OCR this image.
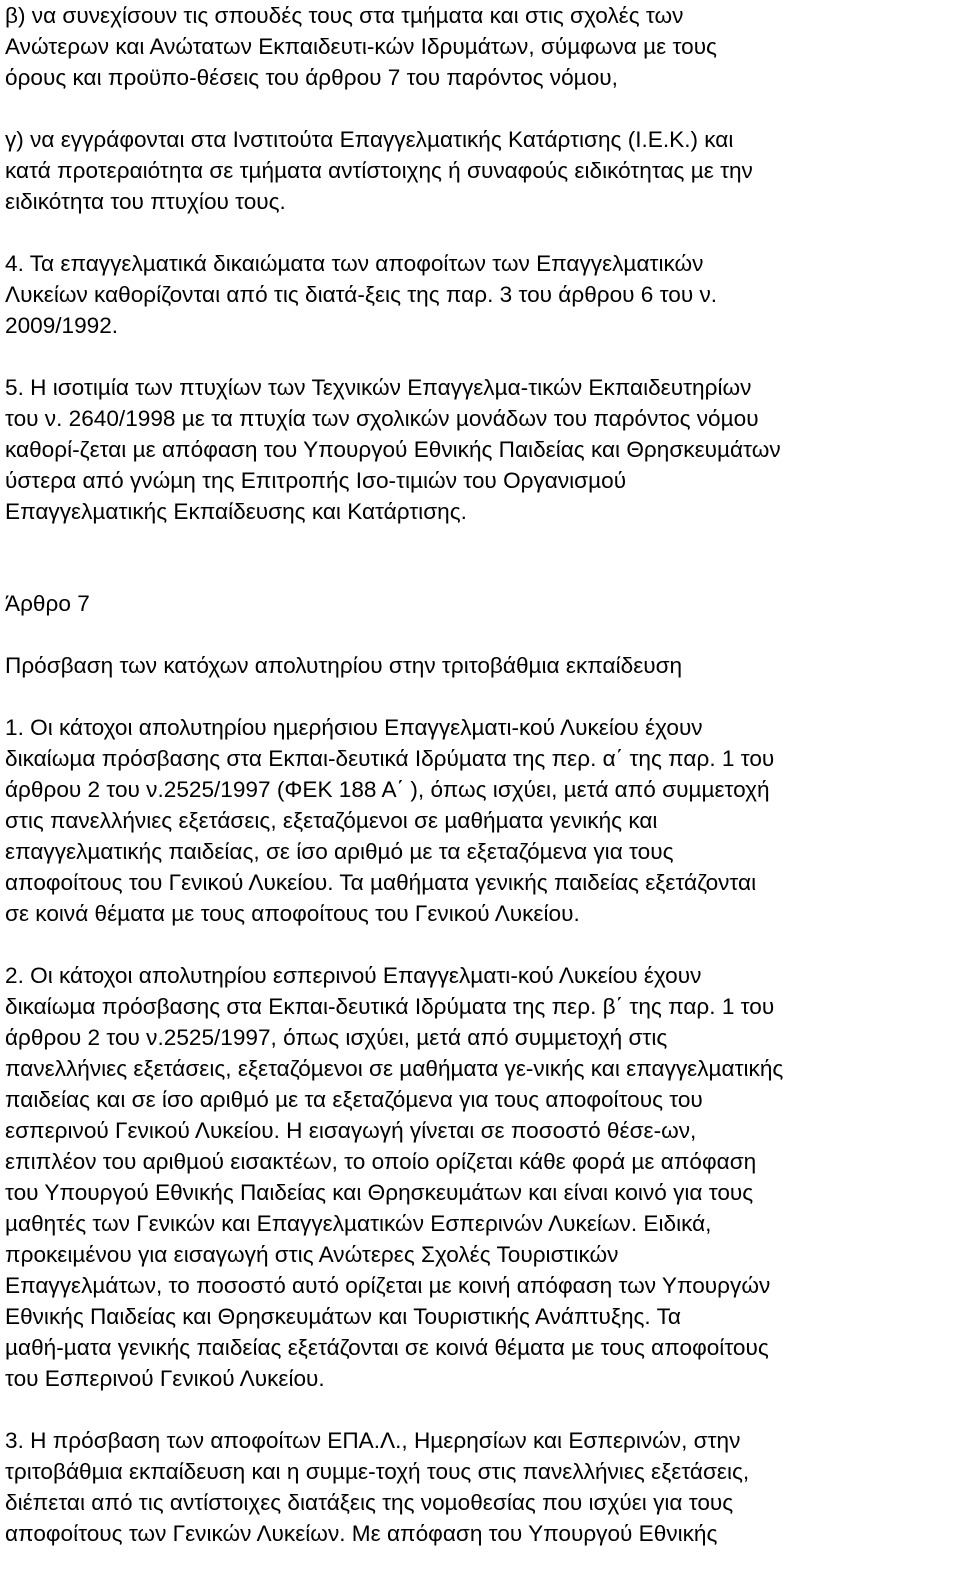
β) να συνεχίσουν τις σπουδές τους στα τµήµατα και στις σχολές των
Ανώτερων και Ανώτατων Εκπαιδευτι-κών Ιδρυµάτων, σύµφωνα µε τους
όρους και προϋπο-θέσεις του άρθρου 7 του παρόντος νόµου,
γ) να εγγράφονται στα Ινστιτούτα Επαγγελµατικής Κατάρτισης (Ι.Ε.Κ.) και
κατά προτεραιότητα σε τµήµατα αντίστοιχης ή συναφούς ειδικότητας µε την
ειδικότητα του πτυχίου τους.
4. Τα επαγγελµατικά δικαιώµατα των αποφοίτων των Επαγγελµατικών
Λυκείων καθορίζονται από τις διατά-ξεις της παρ. 3 του άρθρου 6 του ν.
2009/1992.
5. Η ισοτιµία των πτυχίων των Τεχνικών Επαγγελµα-τικών Εκπαιδευτηρίων
του ν. 2640/1998 µε τα πτυχία των σχολικών µονάδων του παρόντος νόµου
καθορί-ζεται µε απόφαση του Υπουργού Εθνικής Παιδείας και Θρησκευµάτων
ύστερα από γνώµη της Επιτροπής Ισο-τιµιών του Οργανισµού
Επαγγελµατικής Εκπαίδευσης και Κατάρτισης.
Άρθρο 7
Πρόσβαση των κατόχων απολυτηρίου στην τριτοβάθµια εκπαίδευση
1. Οι κάτοχοι απολυτηρίου ηµερήσιου Επαγγελµατι-κού Λυκείου έχουν
δικαίωµα πρόσβασης στα Εκπαι-δευτικά Ιδρύµατα της περ. α΄ της παρ. 1 του
άρθρου 2 του ν.2525/1997 (ΦΕΚ 188 Α΄ ), όπως ισχύει, µετά από συµµετοχή
στις πανελλήνιες εξετάσεις, εξεταζόµενοι σε µαθήµατα γενικής και
επαγγελµατικής παιδείας, σε ίσο αριθµό µε τα εξεταζόµενα για τους
αποφοίτους του Γενικού Λυκείου. Τα µαθήµατα γενικής παιδείας εξετάζονται
σε κοινά θέµατα µε τους αποφοίτους του Γενικού Λυκείου.
2. Οι κάτοχοι απολυτηρίου εσπερινού Επαγγελµατι-κού Λυκείου έχουν
δικαίωµα πρόσβασης στα Εκπαι-δευτικά Ιδρύµατα της περ. β΄ της παρ. 1 του
άρθρου 2 του ν.2525/1997, όπως ισχύει, µετά από συµµετοχή στις
πανελλήνιες εξετάσεις, εξεταζόµενοι σε µαθήµατα γε-νικής και επαγγελµατικής
παιδείας και σε ίσο αριθµό µε τα εξεταζόµενα για τους αποφοίτους του
εσπερινού Γενικού Λυκείου. Η εισαγωγή γίνεται σε ποσοστό θέσε-ων,
επιπλέον του αριθµού εισακτέων, το οποίο ορίζεται κάθε φορά µε απόφαση
του Υπουργού Εθνικής Παιδείας και Θρησκευµάτων και είναι κοινό για τους
µαθητές των Γενικών και Επαγγελµατικών Εσπερινών Λυκείων. Ειδικά,
προκειµένου για εισαγωγή στις Ανώτερες Σχολές Τουριστικών
Επαγγελµάτων, το ποσοστό αυτό ορίζεται µε κοινή απόφαση των Υπουργών
Εθνικής Παιδείας και Θρησκευµάτων και Τουριστικής Ανάπτυξης. Τα
µαθή-µατα γενικής παιδείας εξετάζονται σε κοινά θέµατα µε τους αποφοίτους
του Εσπερινού Γενικού Λυκείου.
3. Η πρόσβαση των αποφοίτων ΕΠΑ.Λ., Ηµερησίων και Εσπερινών, στην
τριτοβάθµια εκπαίδευση και η συµµε-τοχή τους στις πανελλήνιες εξετάσεις,
διέπεται από τις αντίστοιχες διατάξεις της νοµοθεσίας που ισχύει για τους
αποφοίτους των Γενικών Λυκείων. Με απόφαση του Υπουργού Εθνικής
